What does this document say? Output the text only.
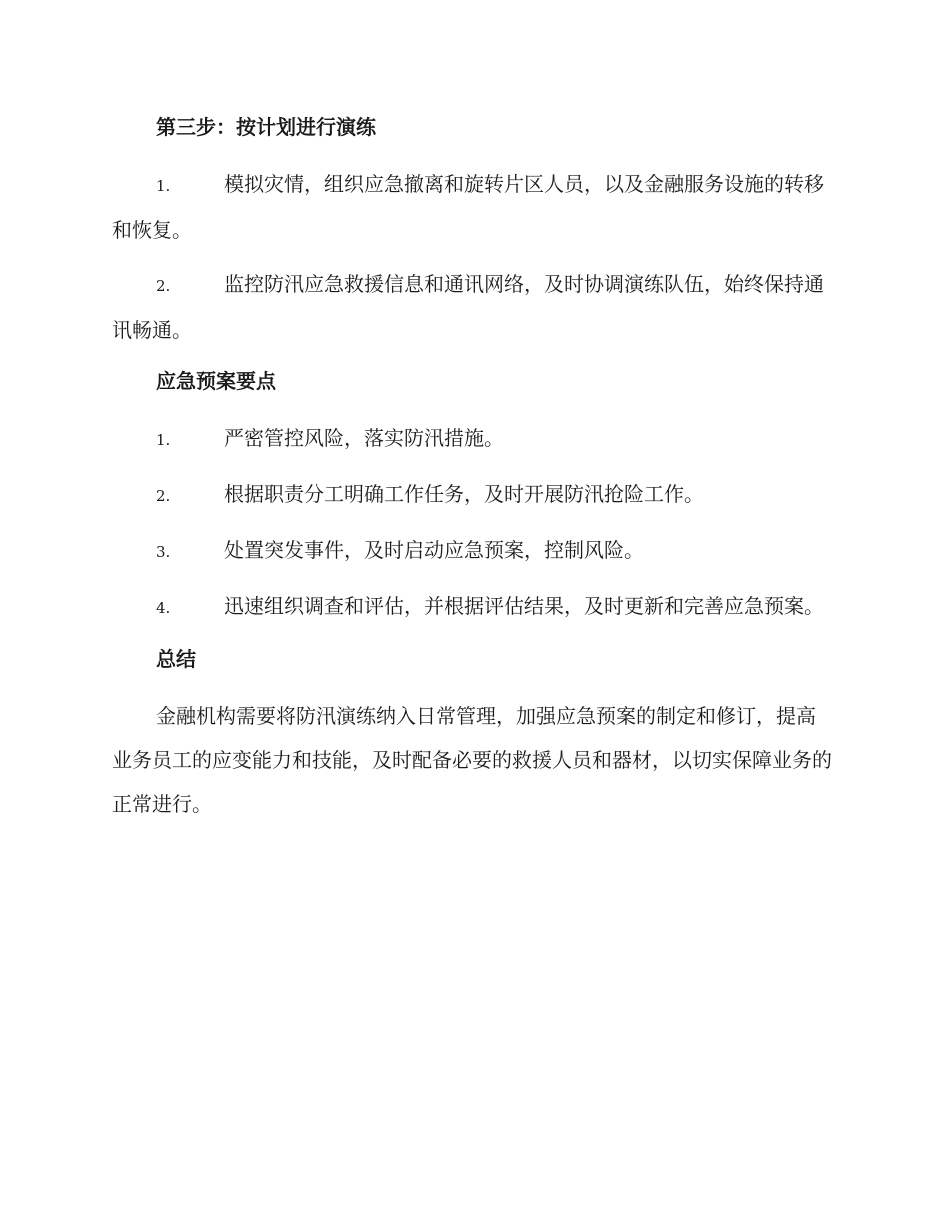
第三步：按计划进行演练
1.	模拟灾情，组织应急撤离和旋转片区人员，以及金融服务设施的转移和恢复。
2.	监控防汛应急救援信息和通讯网络，及时协调演练队伍，始终保持通讯畅通。
应急预案要点
1.	严密管控风险，落实防汛措施。
2.	根据职责分工明确工作任务，及时开展防汛抢险工作。
3.	处置突发事件，及时启动应急预案，控制风险。
4.	迅速组织调查和评估，并根据评估结果，及时更新和完善应急预案。
总结
金融机构需要将防汛演练纳入日常管理，加强应急预案的制定和修订，提高业务员工的应变能力和技能，及时配备必要的救援人员和器材，以切实保障业务的正常进行。
